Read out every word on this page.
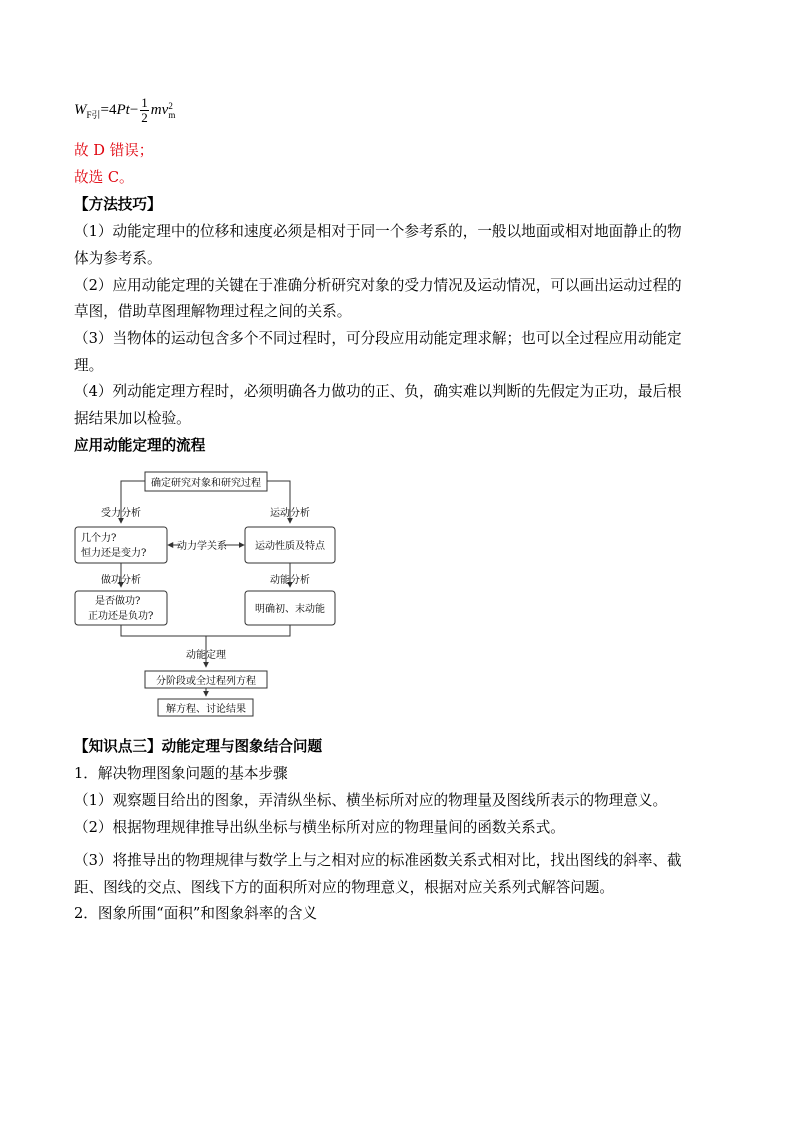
$W_{F引}=4Pt- \frac{1}{2}$ mv 2
m
故 D 错误；
故选 C。
【方法技巧】
（1）动能定理中的位移和速度必须是相对于同一个参考系的，一般以地面或相对地面静止的物
体为参考系。
（2）应用动能定理的关键在于准确分析研究对象的受力情况及运动情况，可以画出运动过程的
草图，借助草图理解物理过程之间的关系。
（3）当物体的运动包含多个不同过程时，可分段应用动能定理求解；也可以全过程应用动能定
理。
（4）列动能定理方程时，必须明确各力做功的正、负，确实难以判断的先假定为正功，最后根
据结果加以检验。
应用动能定理的流程
确定研究对象和研究过程
受力分析	运动分析
几个力?
恒力还是变力?
动力学关系	运动性质及特点
做功分析	动能分析
是否做功?
正功还是负功?
明确初、末动能
动能定理
分阶段或全过程列方程
解方程、讨论结果
【知识点三】动能定理与图象结合问题
1．解决物理图象问题的基本步骤
（1）观察题目给出的图象，弄清纵坐标、横坐标所对应的物理量及图线所表示的物理意义。
（2）根据物理规律推导出纵坐标与横坐标所对应的物理量间的函数关系式。
（3）将推导出的物理规律与数学上与之相对应的标准函数关系式相对比，找出图线的斜率、截
距、图线的交点、图线下方的面积所对应的物理意义，根据对应关系列式解答问题。
2．图象所围“面积”和图象斜率的含义
